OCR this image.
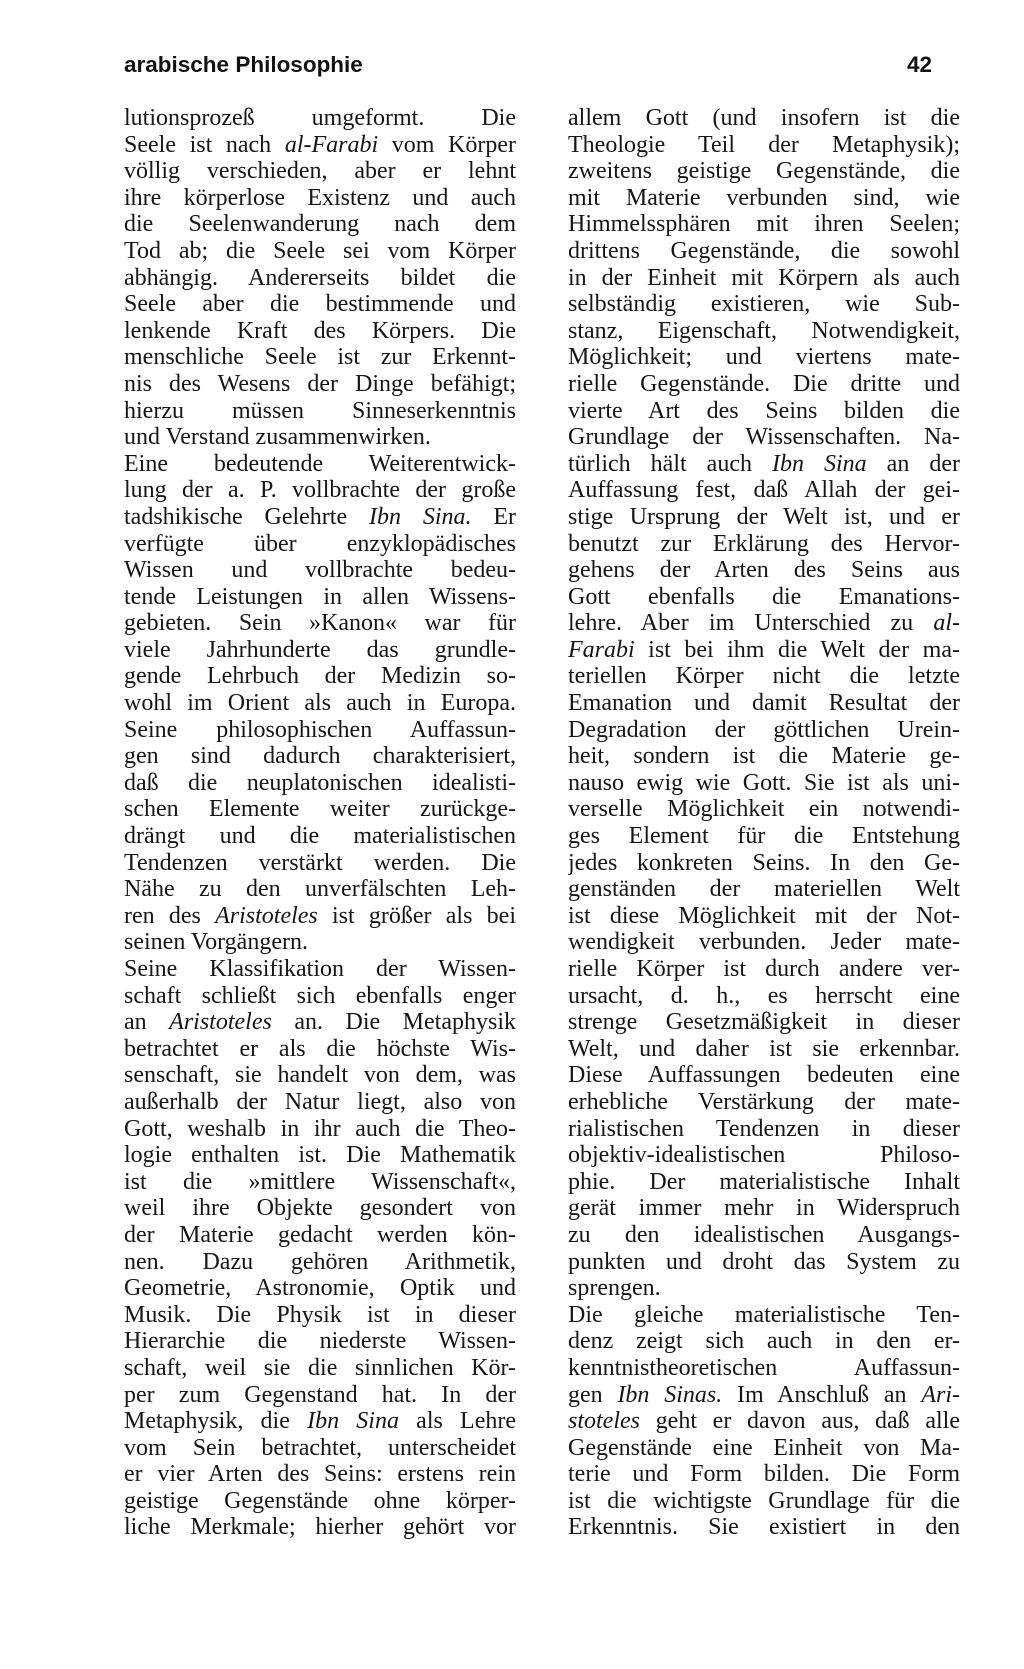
arabische Philosophie	42
lutionsprozeß umgeformt. Die
Seele ist nach al-Farabi vom Körper
völlig verschieden, aber er lehnt
ihre körperlose Existenz und auch
die Seelenwanderung nach dem
Tod ab; die Seele sei vom Körper
abhängig. Andererseits bildet die
Seele aber die bestimmende und
lenkende Kraft des Körpers. Die
menschliche Seele ist zur Erkennt-
nis des Wesens der Dinge befähigt;
hierzu müssen Sinneserkenntnis
und Verstand zusammenwirken.
Eine bedeutende Weiterentwick-
lung der a. P. vollbrachte der große
tadshikische Gelehrte Ibn Sina. Er
verfügte über enzyklopädisches
Wissen und vollbrachte bedeu-
tende Leistungen in allen Wissens-
gebieten. Sein »Kanon« war für
viele Jahrhunderte das grundle-
gende Lehrbuch der Medizin so-
wohl im Orient als auch in Europa.
Seine philosophischen Auffassun-
gen sind dadurch charakterisiert,
daß die neuplatonischen idealisti-
schen Elemente weiter zurückge-
drängt und die materialistischen
Tendenzen verstärkt werden. Die
Nähe zu den unverfälschten Leh-
ren des Aristoteles ist größer als bei
seinen Vorgängern.
Seine Klassifikation der Wissen-
schaft schließt sich ebenfalls enger
an Aristoteles an. Die Metaphysik
betrachtet er als die höchste Wis-
senschaft, sie handelt von dem, was
außerhalb der Natur liegt, also von
Gott, weshalb in ihr auch die Theo-
logie enthalten ist. Die Mathematik
ist die »mittlere Wissenschaft«,
weil ihre Objekte gesondert von
der Materie gedacht werden kön-
nen. Dazu gehören Arithmetik,
Geometrie, Astronomie, Optik und
Musik. Die Physik ist in dieser
Hierarchie die niederste Wissen-
schaft, weil sie die sinnlichen Kör-
per zum Gegenstand hat. In der
Metaphysik, die Ibn Sina als Lehre
vom Sein betrachtet, unterscheidet
er vier Arten des Seins: erstens rein
geistige Gegenstände ohne körper-
liche Merkmale; hierher gehört vor
allem Gott (und insofern ist die
Theologie Teil der Metaphysik);
zweitens geistige Gegenstände, die
mit Materie verbunden sind, wie
Himmelssphären mit ihren Seelen;
drittens Gegenstände, die sowohl
in der Einheit mit Körpern als auch
selbständig existieren, wie Sub-
stanz, Eigenschaft, Notwendigkeit,
Möglichkeit; und viertens mate-
rielle Gegenstände. Die dritte und
vierte Art des Seins bilden die
Grundlage der Wissenschaften. Na-
türlich hält auch Ibn Sina an der
Auffassung fest, daß Allah der gei-
stige Ursprung der Welt ist, und er
benutzt zur Erklärung des Hervor-
gehens der Arten des Seins aus
Gott ebenfalls die Emanations-
lehre. Aber im Unterschied zu al-
Farabi ist bei ihm die Welt der ma-
teriellen Körper nicht die letzte
Emanation und damit Resultat der
Degradation der göttlichen Urein-
heit, sondern ist die Materie ge-
nauso ewig wie Gott. Sie ist als uni-
verselle Möglichkeit ein notwendi-
ges Element für die Entstehung
jedes konkreten Seins. In den Ge-
genständen der materiellen Welt
ist diese Möglichkeit mit der Not-
wendigkeit verbunden. Jeder mate-
rielle Körper ist durch andere ver-
ursacht, d. h., es herrscht eine
strenge Gesetzmäßigkeit in dieser
Welt, und daher ist sie erkennbar.
Diese Auffassungen bedeuten eine
erhebliche Verstärkung der mate-
rialistischen Tendenzen in dieser
objektiv-idealistischen Philoso-
phie. Der materialistische Inhalt
gerät immer mehr in Widerspruch
zu den idealistischen Ausgangs-
punkten und droht das System zu
sprengen.
Die gleiche materialistische Ten-
denz zeigt sich auch in den er-
kenntnistheoretischen Auffassun-
gen Ibn Sinas. Im Anschluß an Ari-
stoteles geht er davon aus, daß alle
Gegenstände eine Einheit von Ma-
terie und Form bilden. Die Form
ist die wichtigste Grundlage für die
Erkenntnis. Sie existiert in den
